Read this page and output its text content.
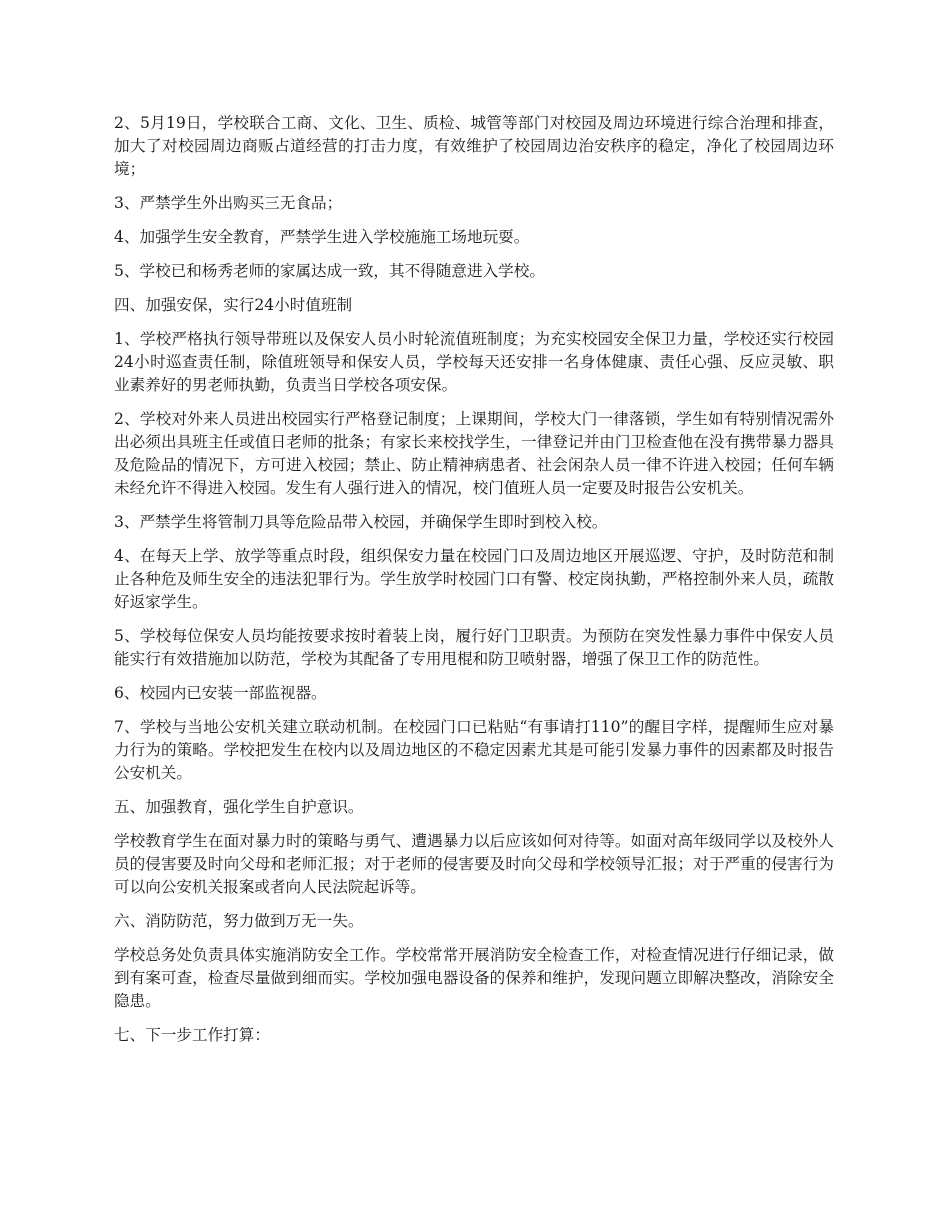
2、5月19日，学校联合工商、文化、卫生、质检、城管等部门对校园及周边环境进行综合治理和排查，加大了对校园周边商贩占道经营的打击力度，有效维护了校园周边治安秩序的稳定，净化了校园周边环境；

3、严禁学生外出购买三无食品；

4、加强学生安全教育，严禁学生进入学校施施工场地玩耍。

5、学校已和杨秀老师的家属达成一致，其不得随意进入学校。

四、加强安保，实行24小时值班制

1、学校严格执行领导带班以及保安人员小时轮流值班制度；为充实校园安全保卫力量，学校还实行校园24小时巡查责任制，除值班领导和保安人员，学校每天还安排一名身体健康、责任心强、反应灵敏、职业素养好的男老师执勤，负责当日学校各项安保。

2、学校对外来人员进出校园实行严格登记制度；上课期间，学校大门一律落锁，学生如有特别情况需外出必须出具班主任或值日老师的批条；有家长来校找学生，一律登记并由门卫检查他在没有携带暴力器具及危险品的情况下，方可进入校园；禁止、防止精神病患者、社会闲杂人员一律不许进入校园；任何车辆未经允许不得进入校园。发生有人强行进入的情况，校门值班人员一定要及时报告公安机关。

3、严禁学生将管制刀具等危险品带入校园，并确保学生即时到校入校。

4、在每天上学、放学等重点时段，组织保安力量在校园门口及周边地区开展巡逻、守护，及时防范和制止各种危及师生安全的违法犯罪行为。学生放学时校园门口有警、校定岗执勤，严格控制外来人员，疏散好返家学生。

5、学校每位保安人员均能按要求按时着装上岗，履行好门卫职责。为预防在突发性暴力事件中保安人员能实行有效措施加以防范，学校为其配备了专用甩棍和防卫喷射器，增强了保卫工作的防范性。

6、校园内已安装一部监视器。

7、学校与当地公安机关建立联动机制。在校园门口已粘贴“有事请打110”的醒目字样，提醒师生应对暴力行为的策略。学校把发生在校内以及周边地区的不稳定因素尤其是可能引发暴力事件的因素都及时报告公安机关。

五、加强教育，强化学生自护意识。

学校教育学生在面对暴力时的策略与勇气、遭遇暴力以后应该如何对待等。如面对高年级同学以及校外人员的侵害要及时向父母和老师汇报；对于老师的侵害要及时向父母和学校领导汇报；对于严重的侵害行为可以向公安机关报案或者向人民法院起诉等。

六、消防防范，努力做到万无一失。

学校总务处负责具体实施消防安全工作。学校常常开展消防安全检查工作，对检查情况进行仔细记录，做到有案可查，检查尽量做到细而实。学校加强电器设备的保养和维护，发现问题立即解决整改，消除安全隐患。

七、下一步工作打算：
